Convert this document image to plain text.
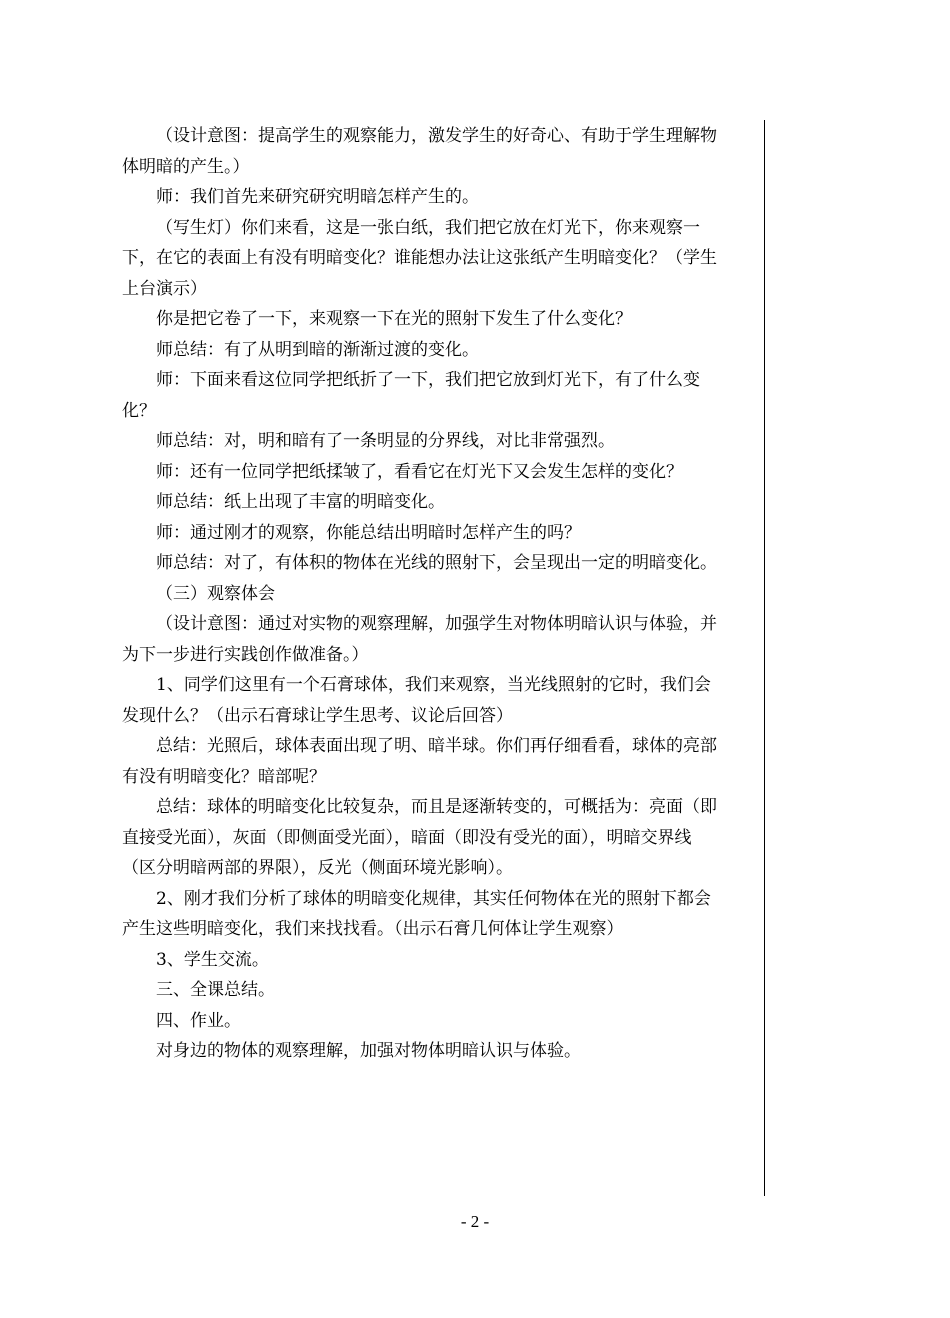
（设计意图：提高学生的观察能力，激发学生的好奇心、有助于学生理解物体明暗的产生。）

师：我们首先来研究研究明暗怎样产生的。

（写生灯）你们来看，这是一张白纸，我们把它放在灯光下，你来观察一下，在它的表面上有没有明暗变化？谁能想办法让这张纸产生明暗变化？（学生上台演示）

你是把它卷了一下，来观察一下在光的照射下发生了什么变化？

师总结：有了从明到暗的渐渐过渡的变化。

师：下面来看这位同学把纸折了一下，我们把它放到灯光下，有了什么变化？

师总结：对，明和暗有了一条明显的分界线，对比非常强烈。

师：还有一位同学把纸揉皱了，看看它在灯光下又会发生怎样的变化？

师总结：纸上出现了丰富的明暗变化。

师：通过刚才的观察，你能总结出明暗时怎样产生的吗？

师总结：对了，有体积的物体在光线的照射下，会呈现出一定的明暗变化。

（三）观察体会

（设计意图：通过对实物的观察理解，加强学生对物体明暗认识与体验，并为下一步进行实践创作做准备。）

1、同学们这里有一个石膏球体，我们来观察，当光线照射的它时，我们会发现什么？（出示石膏球让学生思考、议论后回答）

总结：光照后，球体表面出现了明、暗半球。你们再仔细看看，球体的亮部有没有明暗变化？暗部呢？

总结：球体的明暗变化比较复杂，而且是逐渐转变的，可概括为：亮面（即直接受光面），灰面（即侧面受光面），暗面（即没有受光的面），明暗交界线（区分明暗两部的界限），反光（侧面环境光影响）。

2、刚才我们分析了球体的明暗变化规律，其实任何物体在光的照射下都会产生这些明暗变化，我们来找找看。（出示石膏几何体让学生观察）

3、学生交流。

三、全课总结。

四、作业。

对身边的物体的观察理解，加强对物体明暗认识与体验。

- 2 -
